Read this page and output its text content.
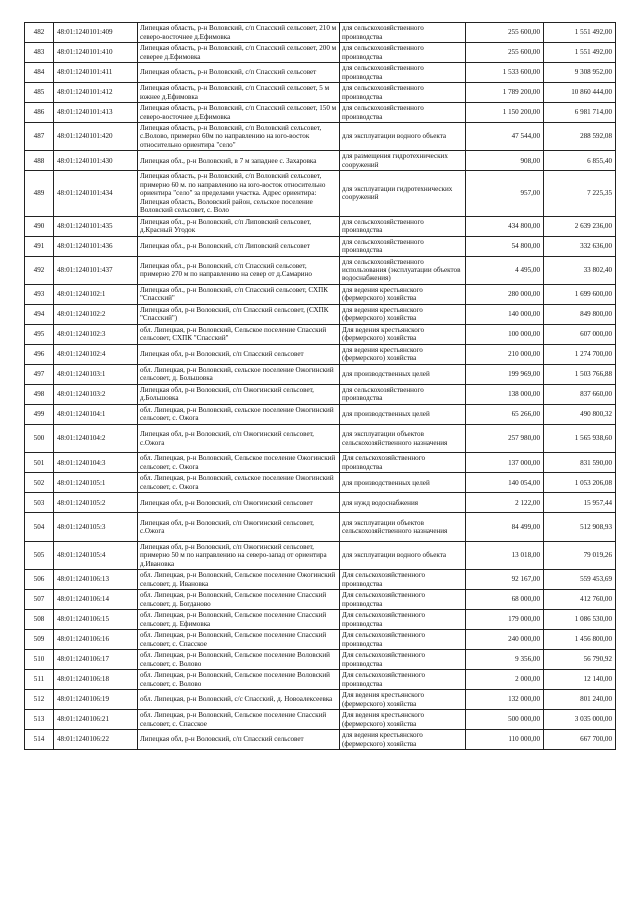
482	48:01:1240101:409	Липецкая область, р-н Воловский, с/п Спасский сельсовет, 210 м северо-восточнее д.Ефимовка	для сельскохозяйственного производства	255 600,00	1 551 492,00
483	48:01:1240101:410	Липецкая область, р-н Воловский, с/п Спасский сельсовет, 200 м северее д.Ефимовка	для сельскохозяйственного производства	255 600,00	1 551 492,00
484	48:01:1240101:411	Липецкая область, р-н Воловский, с/п Спасский сельсовет	для сельскохозяйственного производства	1 533 600,00	9 308 952,00
485	48:01:1240101:412	Липецкая область, р-н Воловский, с/п Спасский сельсовет, 5 м южнее д.Ефимовка	для сельскохозяйственного производства	1 789 200,00	10 860 444,00
486	48:01:1240101:413	Липецкая область, р-н Воловский, с/п Спасский сельсовет, 150 м северо-восточнее д.Ефимовка	для сельскохозяйственного производства	1 150 200,00	6 981 714,00
487	48:01:1240101:420	Липецкая область, р-н Воловский, с/п Воловский сельсовет, с.Волово, примерно 60м по направлению на юго-восток относительно ориентира "село"	для эксплуатации водного объекта	47 544,00	288 592,08
488	48:01:1240101:430	Липецкая обл., р-н Воловский, в 7 м западнее с. Захаровка	для размещения гидротехнических сооружений	908,00	6 855,40
489	48:01:1240101:434	Липецкая область, р-н Воловский, с/п Воловский сельсовет, примерно 60 м. по направлению на юго-восток относительно ориентира "село" за пределами участка. Адрес ориентира: Липецкая область, Воловский район, сельское поселение Воловский сельсовет, с. Воло	для эксплуатации гидротехнических сооружений	957,00	7 225,35
490	48:01:1240101:435	Липецкая обл., р-н Воловский, с/п Липовский сельсовет, д.Красный Угодок	для сельскохозяйственного производства	434 800,00	2 639 236,00
491	48:01:1240101:436	Липецкая обл., р-н Воловский, с/п Липовский сельсовет	для сельскохозяйственного производства	54 800,00	332 636,00
492	48:01:1240101:437	Липецкая обл., р-н Воловский, с/п Спасский сельсовет, примерно 270 м по направлению на север от д.Самарино	для сельскохозяйственного использования (эксплуатации объектов водоснабжения)	4 495,00	33 802,40
493	48:01:1240102:1	Липецкая обл., р-н Воловский, с/п Спасский сельсовет, СХПК "Спасский"	для ведения крестьянского (фермерского) хозяйства	280 000,00	1 699 600,00
494	48:01:1240102:2	Липецкая обл, р-н Воловский, с/п Спасский сельсовет, (СХПК "Спасский")	для ведения крестьянского (фермерского) хозяйства	140 000,00	849 800,00
495	48:01:1240102:3	обл. Липецкая, р-н Воловский, Сельское поселение Спасский сельсовет, СХПК "Спасский"	Для ведения крестьянского (фермерского) хозяйства	100 000,00	607 000,00
496	48:01:1240102:4	Липецкая обл, р-н Воловский, с/п Спасский сельсовет	для ведения крестьянского (фермерского) хозяйства	210 000,00	1 274 700,00
497	48:01:1240103:1	обл. Липецкая, р-н Воловский, сельское поселение Ожогинский сельсовет, д. Большовка	для производственных целей	199 969,00	1 503 766,88
498	48:01:1240103:2	Липецкая обл, р-н Воловский, с/п Ожогинский сельсовет, д.Большовка	для сельскохозяйственного производства	138 000,00	837 660,00
499	48:01:1240104:1	обл. Липецкая, р-н Воловский, сельское поселение Ожогинский сельсовет, с. Ожога	для производственных целей	65 266,00	490 800,32
500	48:01:1240104:2	Липецкая обл, р-н Воловский, с/п Ожогинский сельсовет, с.Ожога	для эксплуатации объектов сельскохозяйственного назначения	257 980,00	1 565 938,60
501	48:01:1240104:3	обл. Липецкая, р-н Воловский, Сельское поселение Ожогинский сельсовет, с. Ожога	Для сельскохозяйственного производства	137 000,00	831 590,00
502	48:01:1240105:1	обл. Липецкая, р-н Воловский, сельское поселение Ожогинский сельсовет, с. Ожога	для производственных целей	140 054,00	1 053 206,08
503	48:01:1240105:2	Липецкая обл, р-н Воловский, с/п Ожогинский сельсовет	для нужд водоснабжения	2 122,00	15 957,44
504	48:01:1240105:3	Липецкая обл, р-н Воловский, с/п Ожогинский сельсовет, с.Ожога	для эксплуатации объектов сельскохозяйственного назначения	84 499,00	512 908,93
505	48:01:1240105:4	Липецкая обл, р-н Воловский, с/п Ожогинский сельсовет, примерно 50 м по направлению на северо-запад от ориентира д.Ивановка	для эксплуатации водного объекта	13 018,00	79 019,26
506	48:01:1240106:13	обл. Липецкая, р-н Воловский, Сельское поселение Ожогинский сельсовет, д. Ивановка	Для сельскохозяйственного производства	92 167,00	559 453,69
507	48:01:1240106:14	обл. Липецкая, р-н Воловский, Сельское поселение Спасский сельсовет, д. Богданово	Для сельскохозяйственного производства	68 000,00	412 760,00
508	48:01:1240106:15	обл. Липецкая, р-н Воловский, Сельское поселение Спасский сельсовет, д. Ефимовка	Для сельскохозяйственного производства	179 000,00	1 086 530,00
509	48:01:1240106:16	обл. Липецкая, р-н Воловский, Сельское поселение Спасский сельсовет, с. Спасское	Для сельскохозяйственного производства	240 000,00	1 456 800,00
510	48:01:1240106:17	обл. Липецкая, р-н Воловский, Сельское поселение Воловский сельсовет, с. Волово	Для сельскохозяйственного производства	9 356,00	56 790,92
511	48:01:1240106:18	обл. Липецкая, р-н Воловский, Сельское поселение Воловский сельсовет, с. Волово	Для сельскохозяйственного производства	2 000,00	12 140,00
512	48:01:1240106:19	обл. Липецкая, р-н Воловский, с/с Спасский, д. Новоалексеевка	Для ведения крестьянского (фермерского) хозяйства	132 000,00	801 240,00
513	48:01:1240106:21	обл. Липецкая, р-н Воловский, Сельское поселение Спасский сельсовет, с. Спасское	Для ведения крестьянского (фермерского) хозяйства	500 000,00	3 035 000,00
514	48:01:1240106:22	Липецкая обл, р-н Воловский, с/п Спасский сельсовет	для ведения крестьянского (фермерского) хозяйства	110 000,00	667 700,00
